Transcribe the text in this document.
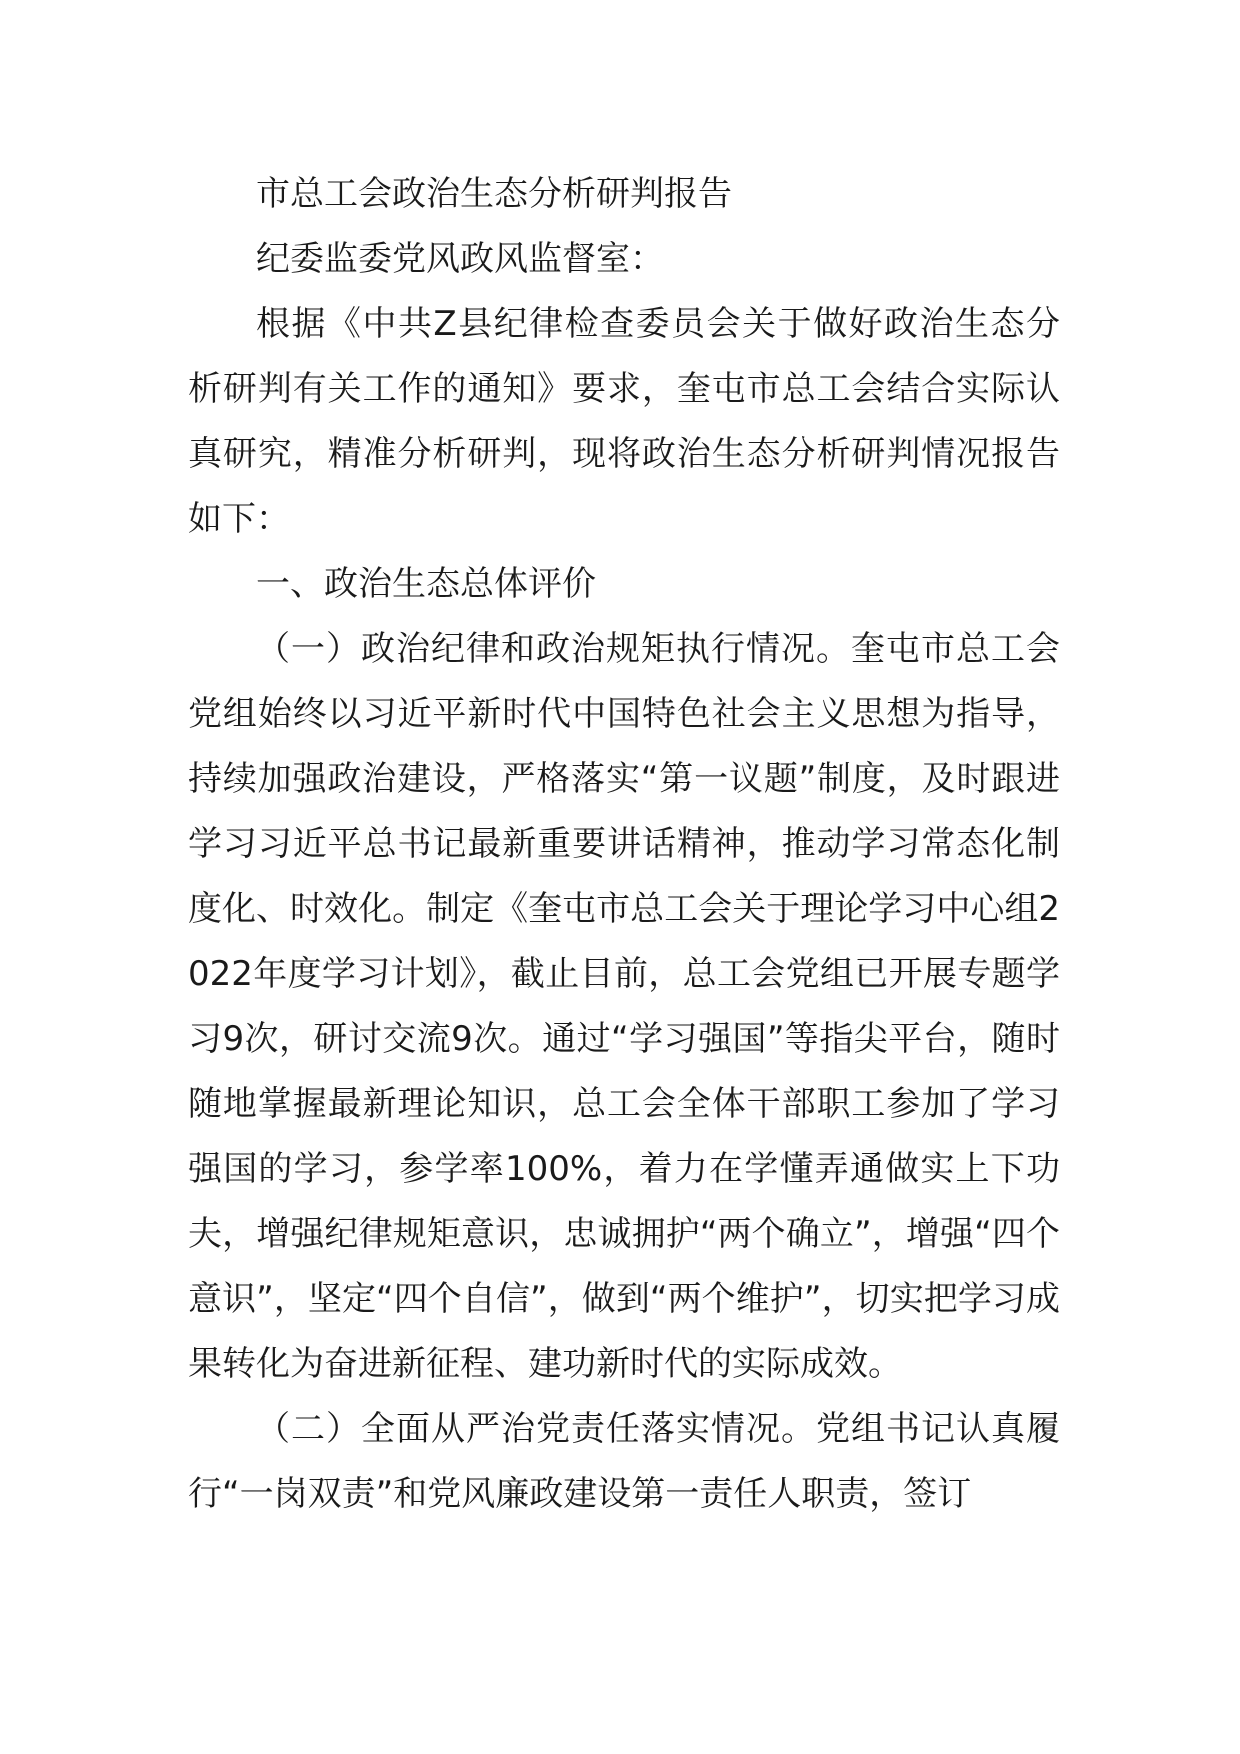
市总工会政治生态分析研判报告

纪委监委党风政风监督室：

根据《中共Z县纪律检查委员会关于做好政治生态分析研判有关工作的通知》要求，奎屯市总工会结合实际认真研究，精准分析研判，现将政治生态分析研判情况报告如下：

一、政治生态总体评价

（一）政治纪律和政治规矩执行情况。奎屯市总工会党组始终以习近平新时代中国特色社会主义思想为指导，持续加强政治建设，严格落实“第一议题”制度，及时跟进学习习近平总书记最新重要讲话精神，推动学习常态化制度化、时效化。制定《奎屯市总工会关于理论学习中心组2022年度学习计划》，截止目前，总工会党组已开展专题学习9次，研讨交流9次。通过“学习强国”等指尖平台，随时随地掌握最新理论知识，总工会全体干部职工参加了学习强国的学习，参学率100%，着力在学懂弄通做实上下功夫，增强纪律规矩意识，忠诚拥护“两个确立”，增强“四个意识”，坚定“四个自信”，做到“两个维护”，切实把学习成果转化为奋进新征程、建功新时代的实际成效。

（二）全面从严治党责任落实情况。党组书记认真履行“一岗双责”和党风廉政建设第一责任人职责，签订
